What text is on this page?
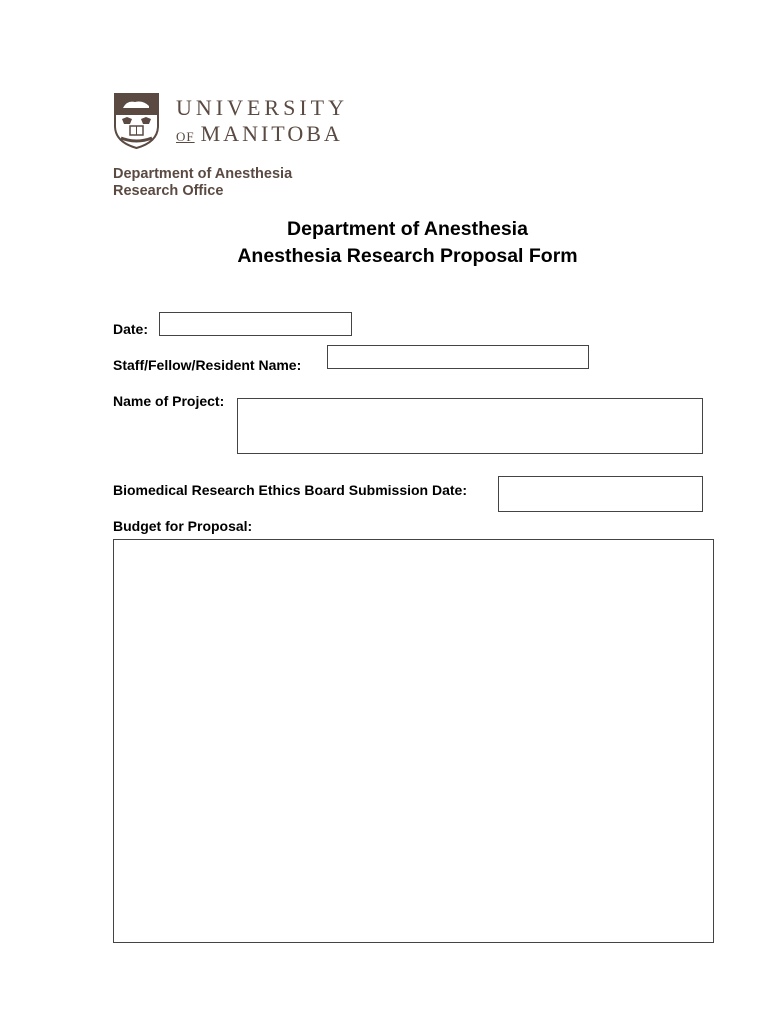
UNIVERSITY
OF MANITOBA
Department of Anesthesia
Research Office
Department of Anesthesia
Anesthesia Research Proposal Form
Date:
Staff/Fellow/Resident Name:
Name of Project:
Biomedical Research Ethics Board Submission Date:
Budget for Proposal:
